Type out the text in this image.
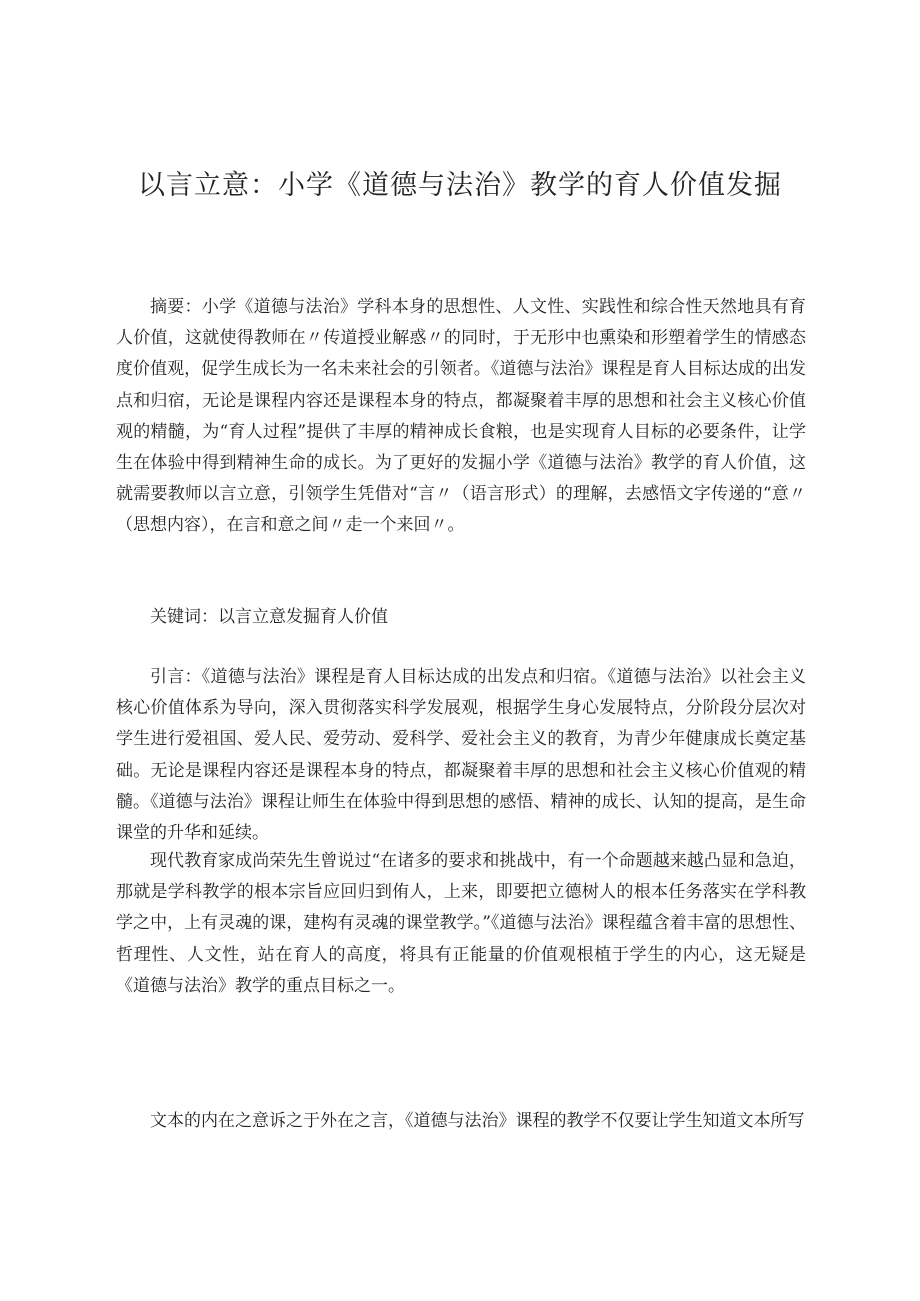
以言立意：小学《道德与法治》教学的育人价值发掘

摘要：小学《道德与法治》学科本身的思想性、人文性、实践性和综合性天然地具有育人价值，这就使得教师在〃传道授业解惑〃的同时，于无形中也熏染和形塑着学生的情感态度价值观，促学生成长为一名未来社会的引领者。《道德与法治》课程是育人目标达成的出发点和归宿，无论是课程内容还是课程本身的特点，都凝聚着丰厚的思想和社会主义核心价值观的精髓，为“育人过程”提供了丰厚的精神成长食粮，也是实现育人目标的必要条件，让学生在体验中得到精神生命的成长。为了更好的发掘小学《道德与法治》教学的育人价值，这就需要教师以言立意，引领学生凭借对“言〃（语言形式）的理解，去感悟文字传递的“意〃（思想内容），在言和意之间〃走一个来回〃。

关键词：以言立意发掘育人价值

引言：《道德与法治》课程是育人目标达成的出发点和归宿。《道德与法治》以社会主义核心价值体系为导向，深入贯彻落实科学发展观，根据学生身心发展特点，分阶段分层次对学生进行爱祖国、爱人民、爱劳动、爱科学、爱社会主义的教育，为青少年健康成长奠定基础。无论是课程内容还是课程本身的特点，都凝聚着丰厚的思想和社会主义核心价值观的精髓。《道德与法治》课程让师生在体验中得到思想的感悟、精神的成长、认知的提高，是生命课堂的升华和延续。

现代教育家成尚荣先生曾说过“在诸多的要求和挑战中，有一个命题越来越凸显和急迫，那就是学科教学的根本宗旨应回归到侑人，上来，即要把立德树人的根本任务落实在学科教学之中，上有灵魂的课，建构有灵魂的课堂教学。”《道德与法治》课程蕴含着丰富的思想性、哲理性、人文性，站在育人的高度，将具有正能量的价值观根植于学生的内心，这无疑是《道德与法治》教学的重点目标之一。

文本的内在之意诉之于外在之言，《道德与法治》课程的教学不仅要让学生知道文本所写
